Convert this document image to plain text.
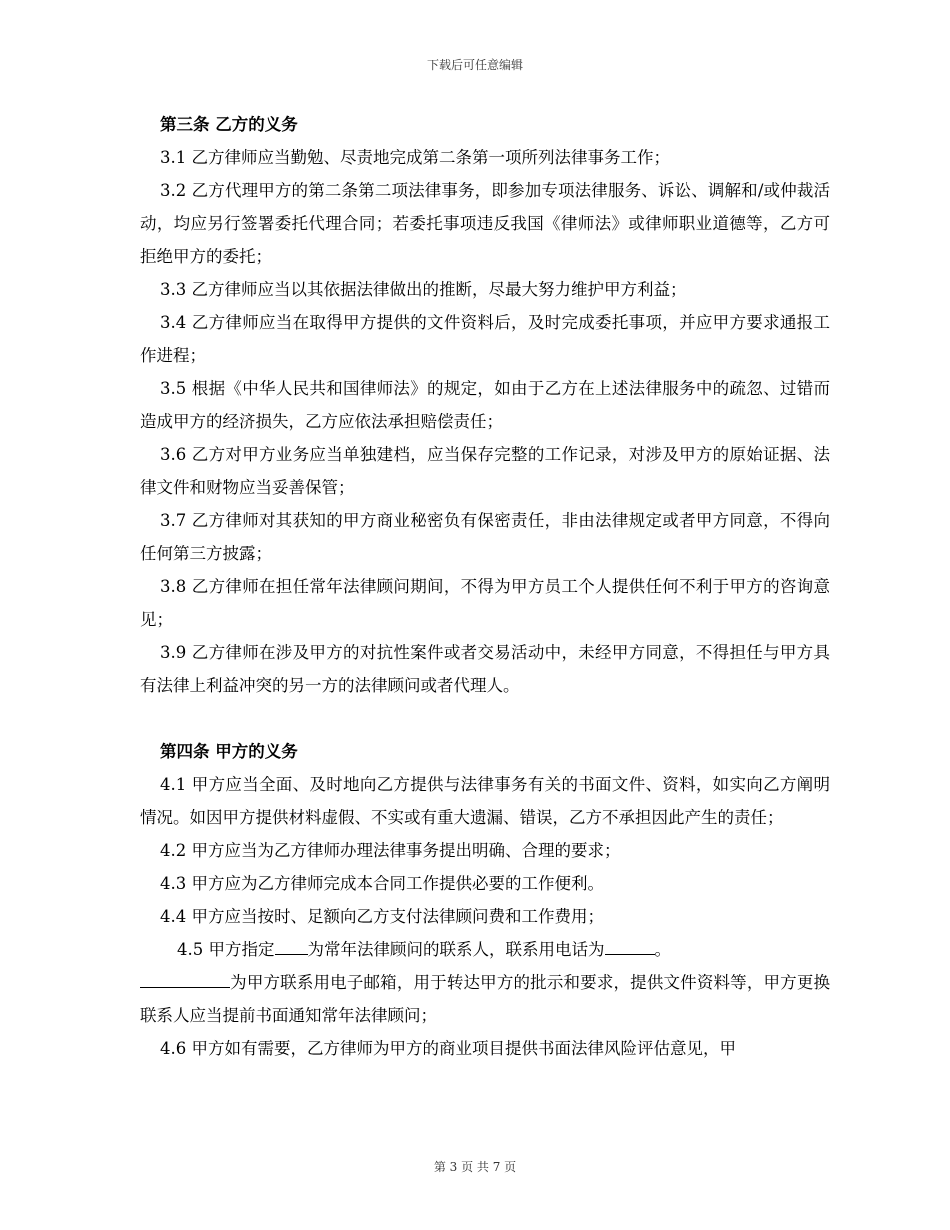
下载后可任意编辑

第三条 乙方的义务

3.1 乙方律师应当勤勉、尽责地完成第二条第一项所列法律事务工作；

3.2 乙方代理甲方的第二条第二项法律事务，即参加专项法律服务、诉讼、调解和/或仲裁活动，均应另行签署委托代理合同；若委托事项违反我国《律师法》或律师职业道德等，乙方可拒绝甲方的委托；

3.3 乙方律师应当以其依据法律做出的推断，尽最大努力维护甲方利益；

3.4 乙方律师应当在取得甲方提供的文件资料后，及时完成委托事项，并应甲方要求通报工作进程；

3.5 根据《中华人民共和国律师法》的规定，如由于乙方在上述法律服务中的疏忽、过错而造成甲方的经济损失，乙方应依法承担赔偿责任；

3.6 乙方对甲方业务应当单独建档，应当保存完整的工作记录，对涉及甲方的原始证据、法律文件和财物应当妥善保管；

3.7 乙方律师对其获知的甲方商业秘密负有保密责任，非由法律规定或者甲方同意，不得向任何第三方披露；

3.8 乙方律师在担任常年法律顾问期间，不得为甲方员工个人提供任何不利于甲方的咨询意见；

3.9 乙方律师在涉及甲方的对抗性案件或者交易活动中，未经甲方同意，不得担任与甲方具有法律上利益冲突的另一方的法律顾问或者代理人。

第四条 甲方的义务

4.1 甲方应当全面、及时地向乙方提供与法律事务有关的书面文件、资料，如实向乙方阐明情况。如因甲方提供材料虚假、不实或有重大遗漏、错误，乙方不承担因此产生的责任；

4.2 甲方应当为乙方律师办理法律事务提出明确、合理的要求；

4.3 甲方应为乙方律师完成本合同工作提供必要的工作便利。

4.4 甲方应当按时、足额向乙方支付法律顾问费和工作费用；

4.5 甲方指定 为常年法律顾问的联系人，联系用电话为	。

为甲方联系用电子邮箱，用于转达甲方的批示和要求，提供文件资料等，甲方更换联系人应当提前书面通知常年法律顾问；

4.6 甲方如有需要，乙方律师为甲方的商业项目提供书面法律风险评估意见，甲

第 3 页 共 7 页
